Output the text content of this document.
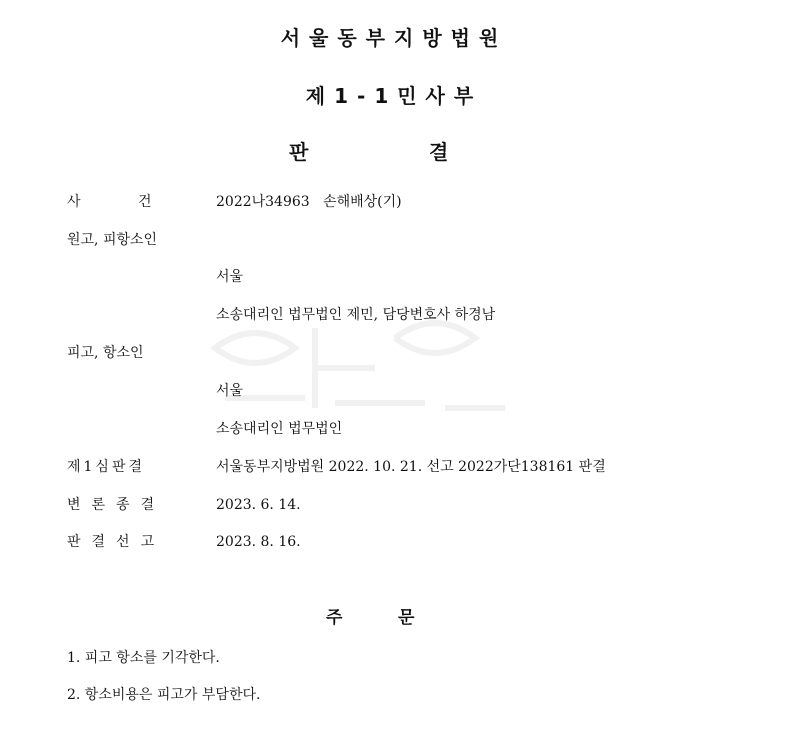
서울동부지방법원
제1-1민사부
판	결
사	건	2022나34963   손해배상(기)
원고, 피항소인
서울
소송대리인 법무법인 제민, 담당변호사 하경남
피고, 항소인
서울
소송대리인 법무법인
제1심판결	서울동부지방법원 2022. 10. 21. 선고 2022가단138161 판결
변론종결	2023. 6. 14.
판결선고	2023. 8. 16.
주	문
1. 피고 항소를 기각한다.
2. 항소비용은 피고가 부담한다.
